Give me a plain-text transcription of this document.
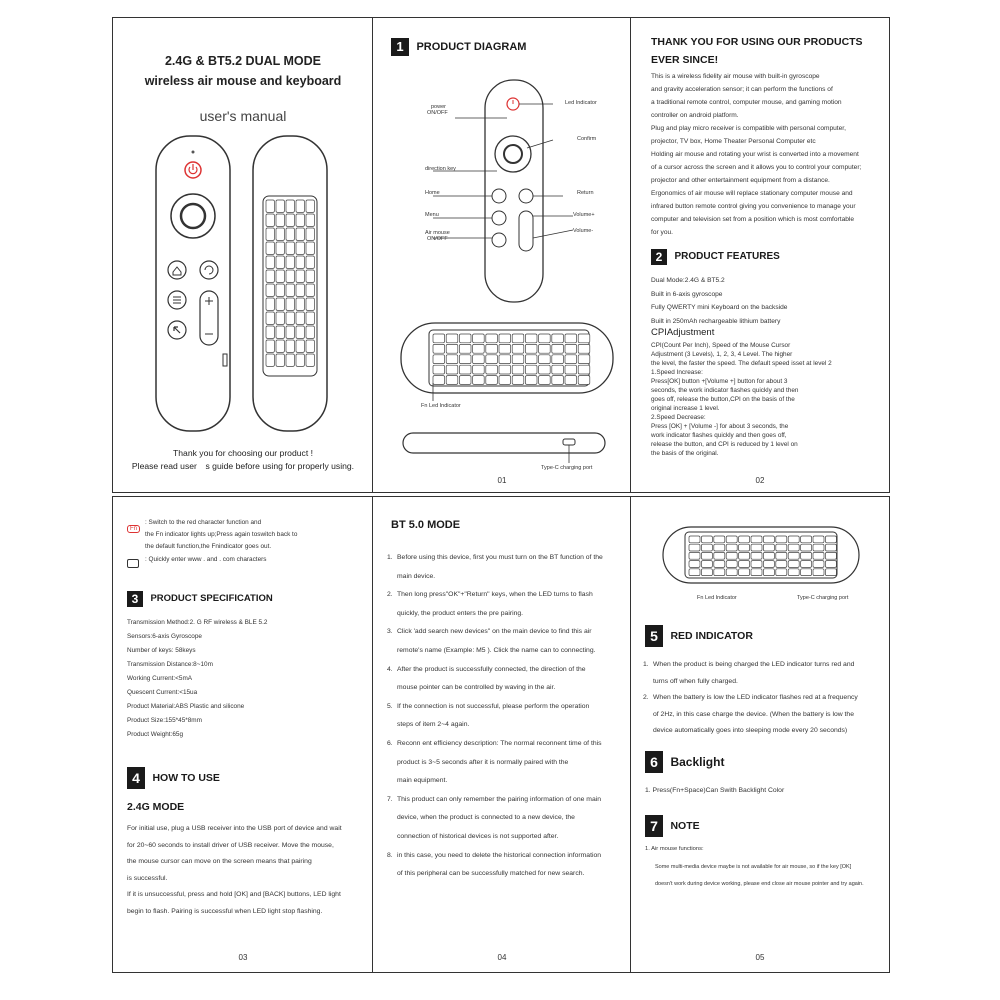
2.4G & BT5.2 DUAL MODE
wireless air mouse and keyboard
user's manual
Thank you for choosing our product !
Please read user　s guide before using for properly using.
1 PRODUCT DIAGRAM
power
ON/OFF
Led Indicator
Confirm
direction key
Home	Return
Menu	Volume+
Volume-
Air mouse
ON/OFF
Fn Led Indicator
Type-C charging port
01
THANK YOU FOR USING OUR PRODUCTS
EVER SINCE!
This is a wireless fidelity air mouse with built-in gyroscope
and gravity acceleration sensor; it can perform the functions of
a traditional remote control, computer mouse, and gaming motion
controller on android platform.
Plug and play micro receiver is compatible with personal computer,
projector, TV box, Home Theater Personal Computer etc
Holding air mouse and rotating your wrist is converted into a movement
of a cursor across the screen and it allows you to control your computer;
projector and other entertainment equipment from a distance.
Ergonomics of air mouse will replace stationary computer mouse and
infrared button remote control giving you convenience to manage your
computer and television set from a position which is most comfortable
for you.
2 PRODUCT FEATURES
Dual Mode:2.4G & BT5.2
Built in 6-axis gyroscope
Fully QWERTY mini Keyboard on the backside
Built in 250mAh rechargeable lithium battery
CPIAdjustment
CPI(Count Per Inch), Speed of the Mouse Cursor
Adjustment (3 Levels), 1, 2, 3, 4 Level. The higher
the level, the faster the speed. The default speed isset at level 2
1.Speed Increase:
Press[OK] button +[Volume +] button for about 3
seconds, the work indicator flashes quickly and then
goes off, release the button,CPI on the basis of the
original increase 1 level.
2.Speed Decrease:
Press [OK] + [Volume -] for about 3 seconds, the
work indicator flashes quickly and then goes off,
release the button, and CPI is reduced by 1 level on
the basis of the original.
02
Fn
: Switch to the red character function and
the Fn indicator lights up;Press again toswitch back to
the default function,the Fnindicator goes out.
: Quickly enter www . and . com characters
3 PRODUCT SPECIFICATION
Transmission Method:2. G RF wireless & BLE 5.2
Sensors:6-axis Gyroscope
Number of keys: 58keys
Transmission Distance:8~10m
Working Current:<5mA
Quescent Current:<15ua
Product Material:ABS Plastic and silicone
Product Size:155*45*8mm
Product Weight:65g
4 HOW TO USE
2.4G MODE
For initial use, plug a USB receiver into the USB port of device and wait
for 20~60 seconds to install driver of USB receiver. Move the mouse,
the mouse cursor can move on the screen means that pairing
is successful.
If it is unsuccessful, press and hold [OK] and [BACK] buttons, LED light
begin to flash. Pairing is successful when LED light stop flashing.
03
BT 5.0 MODE
1. Before using this device, first you must turn on the BT function of the
main device.
2. Then long press"OK"+"Return" keys, when the LED turns to flash
quickly, the product enters the pre pairing.
3. Click 'add search new devices" on the main device to find this air
remote's name (Example: M5 ). Click the name can to connecting.
4. After the product is successfully connected, the direction of the
mouse pointer can be controlled by waving in the air.
5. If the connection is not successful, please perform the operation
steps of item 2~4 again.
6. Reconn ent efficiency description: The normal reconnent time of this
product is 3~5 seconds after it is normally paired with the
main equipment.
7. This product can only remember the pairing information of one main
device, when the product is connected to a new device, the
connection of historical devices is not supported after.
8. in this case, you need to delete the historical connection information
of this peripheral can be successfully matched for new search.
04
Fn Led Indicator	Type-C charging port
5 RED INDICATOR
1. When the product is being charged the LED indicator turns red and
turns off when fully charged.
2. When the battery is low the LED indicator flashes red at a frequency
of 2Hz, in this case charge the device. (When the battery is low the
device automatically goes into sleeping mode every 20 seconds)
6 Backlight
1. Press(Fn+Space)Can Swith Backlight Color
7 NOTE
1. Air mouse functions:
Some multi-media device maybe is not available for air mouse, so if the key [OK]
doesn't work during device working, please end close air mouse pointer and try again.
05
